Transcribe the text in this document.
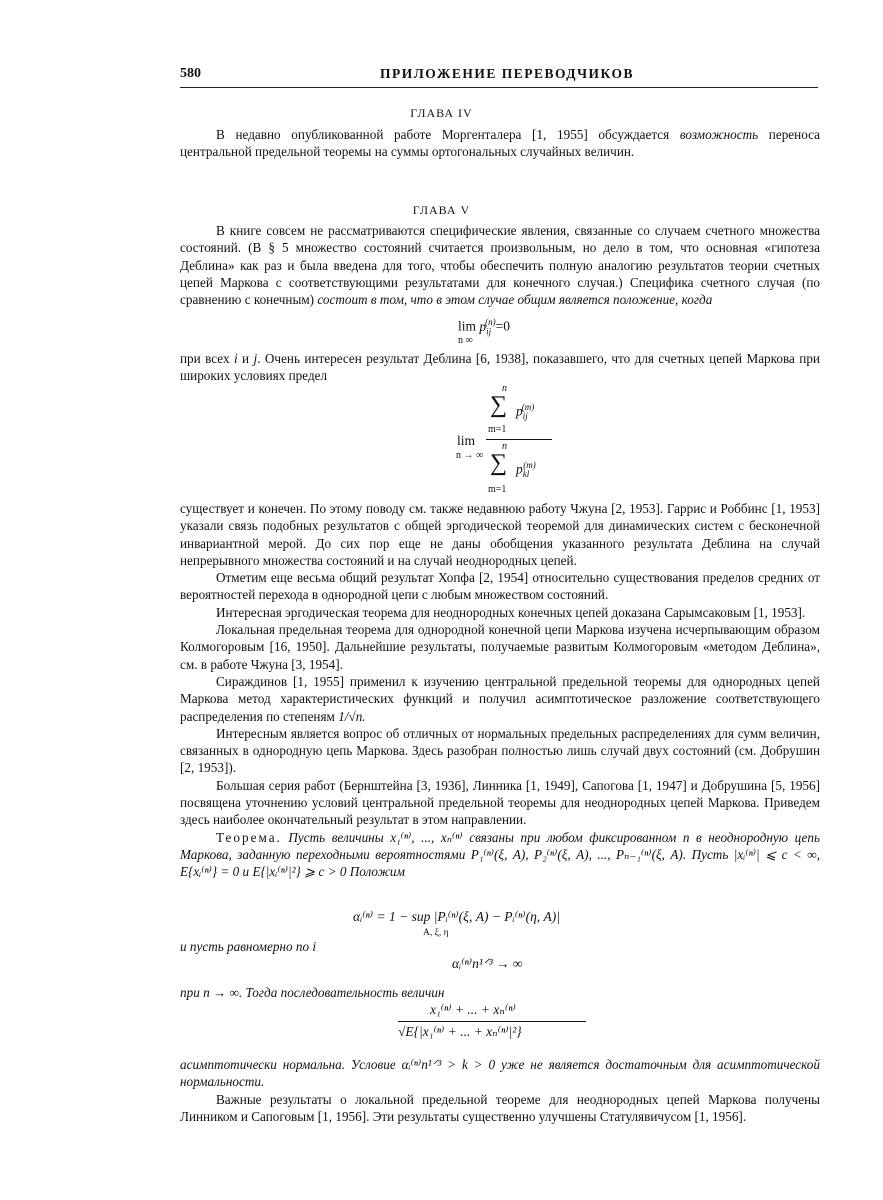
580	ПРИЛОЖЕНИЕ ПЕРЕВОДЧИКОВ
ГЛАВА IV

В недавно опубликованной работе Моргенталера [1, 1955] обсуждается возможность переноса центральной предельной теоремы на суммы ортогональных случайных величин.

ГЛАВА V

В книге совсем не рассматриваются специфические явления, связанные со случаем счетного множества состояний. (В § 5 множество состояний считается произвольным, но дело в том, что основная «гипотеза Деблина» как раз и была введена для того, чтобы обеспечить полную аналогию результатов теории счетных цепей Маркова с соответствующими результатами для конечного случая.) Специфика счетного случая (по сравнению с конечным) состоит в том, что в этом случае общим является положение, когда

$\lim p_{ij}^{(n)}=0$
n ∞

при всех i и j. Очень интересен результат Деблина [6, 1938], показавшего, что для счетных цепей Маркова при широких условиях предел

lim
n → ∞
n
∑ $p_{ij}^{(m)}$
m=1
n
∑ $p_{kl}^{(m)}$
m=1

существует и конечен. По этому поводу см. также недавнюю работу Чжуна [2, 1953]. Гаррис и Роббинс [1, 1953] указали связь подобных результатов с общей эргодической теоремой для динамических систем с бесконечной инвариантной мерой. До сих пор еще не даны обобщения указанного результата Деблина на случай непрерывного множества состояний и на случай неоднородных цепей.

Отметим еще весьма общий результат Хопфа [2, 1954] относительно существования пределов средних от вероятностей перехода в однородной цепи с любым множеством состояний.

Интересная эргодическая теорема для неоднородных конечных цепей доказана Сарымсаковым [1, 1953].

Локальная предельная теорема для однородной конечной цепи Маркова изучена исчерпывающим образом Колмогоровым [16, 1950]. Дальнейшие результаты, получаемые развитым Колмогоровым «методом Деблина», см. в работе Чжуна [3, 1954].

Сираждинов [1, 1955] применил к изучению центральной предельной теоремы для однородных цепей Маркова метод характеристических функций и получил асимптотическое разложение соответствующего распределения по степеням 1/√n.

Интересным является вопрос об отличных от нормальных предельных распределениях для сумм величин, связанных в однородную цепь Маркова. Здесь разобран полностью лишь случай двух состояний (см. Добрушин [2, 1953]).

Большая серия работ (Бернштейна [3, 1936], Линника [1, 1949], Сапогова [1, 1947] и Добрушина [5, 1956] посвящена уточнению условий центральной предельной теоремы для неоднородных цепей Маркова. Приведем здесь наиболее окончательный результат в этом направлении.

Теорема. Пусть величины x₁⁽ⁿ⁾, ..., xₙ⁽ⁿ⁾ связаны при любом фиксированном n в неоднородную цепь Маркова, заданную переходными вероятностями P₁⁽ⁿ⁾(ξ, A), P₂⁽ⁿ⁾(ξ, A), ..., Pₙ₋₁⁽ⁿ⁾(ξ, A). Пусть |xᵢ⁽ⁿ⁾| ⩽ c < ∞, E{xᵢ⁽ⁿ⁾} = 0 и E{|xᵢ⁽ⁿ⁾|²} ⩾ c > 0 Положим

αᵢ⁽ⁿ⁾ = 1 − sup |Pᵢ⁽ⁿ⁾(ξ, A) − Pᵢ⁽ⁿ⁾(η, A)|
A, ξ, η
и пусть равномерно по i
αᵢ⁽ⁿ⁾n¹ᐟ³ → ∞
при n → ∞. Тогда последовательность величин
x₁⁽ⁿ⁾ + ... + xₙ⁽ⁿ⁾
√E{|x₁⁽ⁿ⁾ + ... + xₙ⁽ⁿ⁾|²}

асимптотически нормальна. Условие αᵢ⁽ⁿ⁾n¹ᐟ³ > k > 0 уже не является достаточным для асимптотической нормальности.

Важные результаты о локальной предельной теореме для неоднородных цепей Маркова получены Линником и Сапоговым [1, 1956]. Эти результаты существенно улучшены Статулявичусом [1, 1956].
